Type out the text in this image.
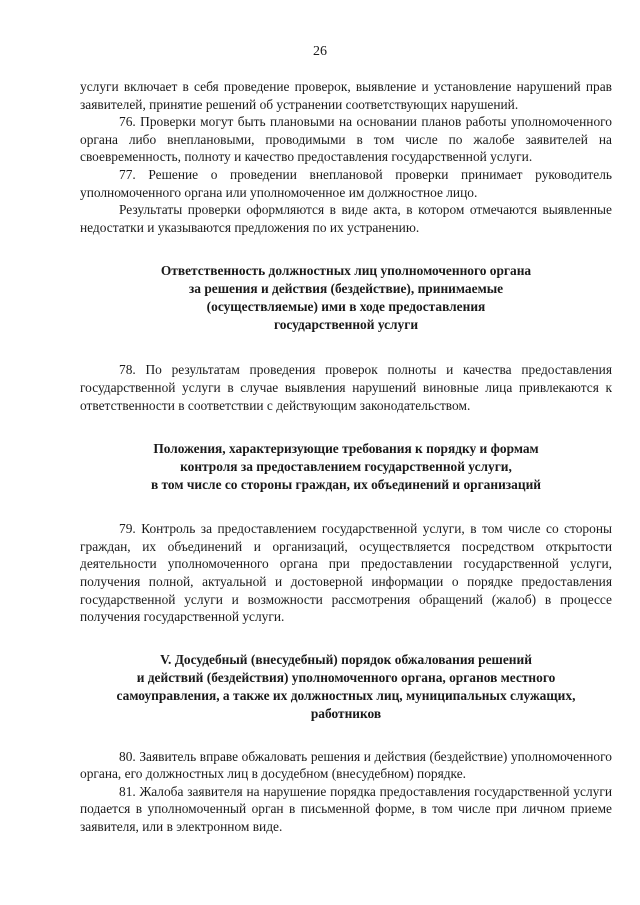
26

услуги включает в себя проведение проверок, выявление и установление нарушений прав заявителей, принятие решений об устранении соответствующих нарушений.

76. Проверки могут быть плановыми на основании планов работы уполномоченного органа либо внеплановыми, проводимыми в том числе по жалобе заявителей на своевременность, полноту и качество предоставления государственной услуги.

77. Решение о проведении внеплановой проверки принимает руководитель уполномоченного органа или уполномоченное им должностное лицо.

Результаты проверки оформляются в виде акта, в котором отмечаются выявленные недостатки и указываются предложения по их устранению.

Ответственность должностных лиц уполномоченного органа
за решения и действия (бездействие), принимаемые
(осуществляемые) ими в ходе предоставления
государственной услуги

78. По результатам проведения проверок полноты и качества предоставления государственной услуги в случае выявления нарушений виновные лица привлекаются к ответственности в соответствии с действующим законодательством.

Положения, характеризующие требования к порядку и формам
контроля за предоставлением государственной услуги,
в том числе со стороны граждан, их объединений и организаций

79. Контроль за предоставлением государственной услуги, в том числе со стороны граждан, их объединений и организаций, осуществляется посредством открытости деятельности уполномоченного органа при предоставлении государственной услуги, получения полной, актуальной и достоверной информации о порядке предоставления государственной услуги и возможности рассмотрения обращений (жалоб) в процессе получения государственной услуги.

V. Досудебный (внесудебный) порядок обжалования решений
и действий (бездействия) уполномоченного органа, органов местного
самоуправления, а также их должностных лиц, муниципальных служащих,
работников

80. Заявитель вправе обжаловать решения и действия (бездействие) уполномоченного органа, его должностных лиц в досудебном (внесудебном) порядке.

81. Жалоба заявителя на нарушение порядка предоставления государственной услуги подается в уполномоченный орган в письменной форме, в том числе при личном приеме заявителя, или в электронном виде.
